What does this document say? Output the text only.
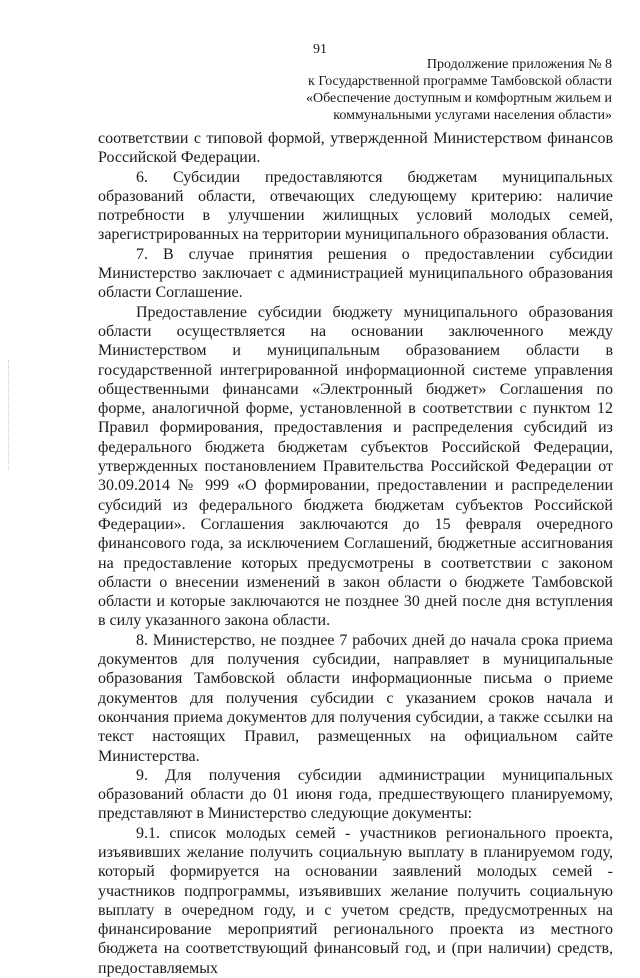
91
Продолжение приложения № 8
к Государственной программе Тамбовской области
«Обеспечение доступным и комфортным жильем и
коммунальными услугами населения области»

соответствии с типовой формой, утвержденной Министерством финансов Российской Федерации.

6. Субсидии предоставляются бюджетам муниципальных образований области, отвечающих следующему критерию: наличие потребности в улучшении жилищных условий молодых семей, зарегистрированных на территории муниципального образования области.

7. В случае принятия решения о предоставлении субсидии Министерство заключает с администрацией муниципального образования области Соглашение.

Предоставление субсидии бюджету муниципального образования области осуществляется на основании заключенного между Министерством и муниципальным образованием области в государственной интегрированной информационной системе управления общественными финансами «Электронный бюджет» Соглашения по форме, аналогичной форме, установленной в соответствии с пунктом 12 Правил формирования, предоставления и распределения субсидий из федерального бюджета бюджетам субъектов Российской Федерации, утвержденных постановлением Правительства Российской Федерации от 30.09.2014 № 999 «О формировании, предоставлении и распределении субсидий из федерального бюджета бюджетам субъектов Российской Федерации». Соглашения заключаются до 15 февраля очередного финансового года, за исключением Соглашений, бюджетные ассигнования на предоставление которых предусмотрены в соответствии с законом области о внесении изменений в закон области о бюджете Тамбовской области и которые заключаются не позднее 30 дней после дня вступления в силу указанного закона области.

8. Министерство, не позднее 7 рабочих дней до начала срока приема документов для получения субсидии, направляет в муниципальные образования Тамбовской области информационные письма о приеме документов для получения субсидии с указанием сроков начала и окончания приема документов для получения субсидии, а также ссылки на текст настоящих Правил, размещенных на официальном сайте Министерства.

9. Для получения субсидии администрации муниципальных образований области до 01 июня года, предшествующего планируемому, представляют в Министерство следующие документы:

9.1. список молодых семей - участников регионального проекта, изъявивших желание получить социальную выплату в планируемом году, который формируется на основании заявлений молодых семей - участников подпрограммы, изъявивших желание получить социальную выплату в очередном году, и с учетом средств, предусмотренных на финансирование мероприятий регионального проекта из местного бюджета на соответствующий финансовый год, и (при наличии) средств, предоставляемых
